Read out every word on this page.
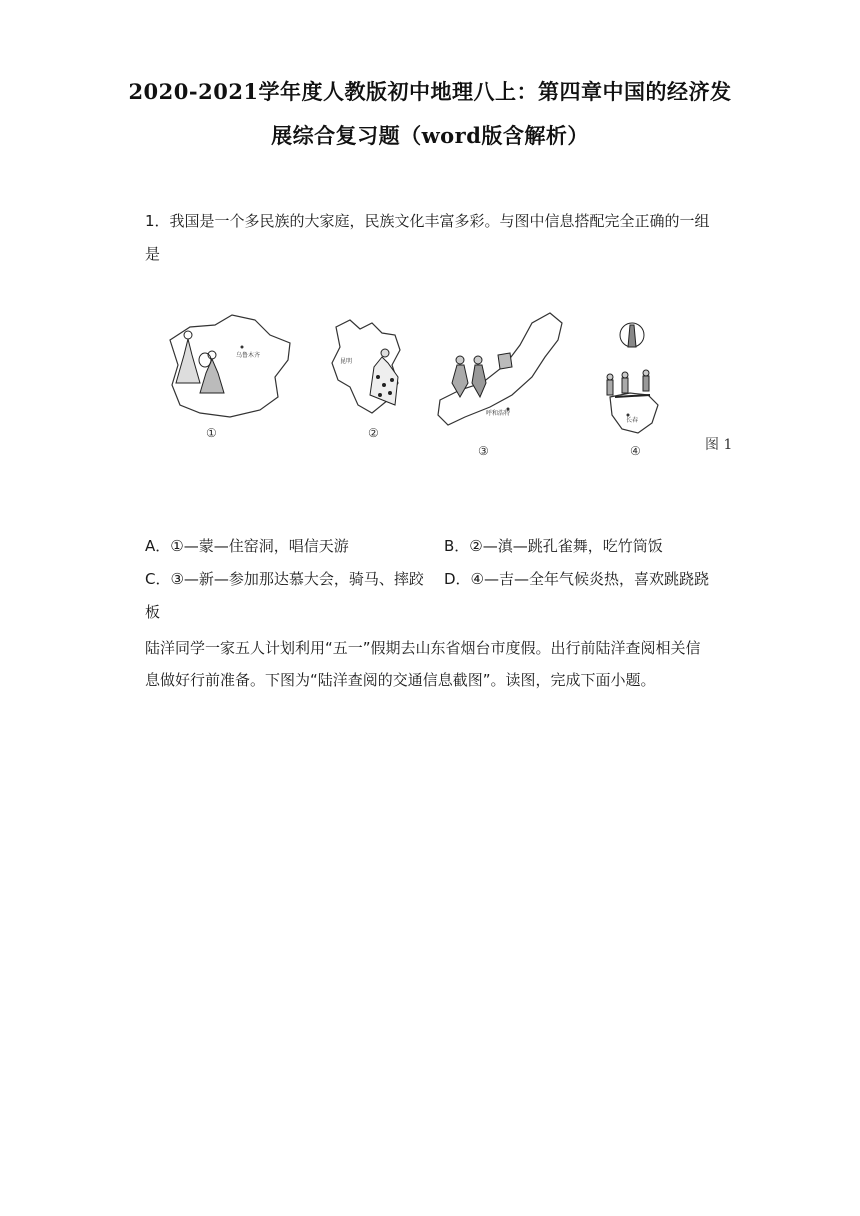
2020-2021学年度人教版初中地理八上：第四章中国的经济发
展综合复习题（word版含解析）
1．我国是一个多民族的大家庭，民族文化丰富多彩。与图中信息搭配完全正确的一组
是
乌鲁木齐
①
昆明
②
呼和浩特
③
长春
④	图 1
A．①—蒙—住窑洞，唱信天游	B．②—滇—跳孔雀舞，吃竹筒饭
C．③—新—参加那达慕大会，骑马、摔跤 D．④—吉—全年气候炎热，喜欢跳跷跷
板
陆洋同学一家五人计划利用“五一”假期去山东省烟台市度假。出行前陆洋查阅相关信
息做好行前准备。下图为“陆洋查阅的交通信息截图”。读图，完成下面小题。
